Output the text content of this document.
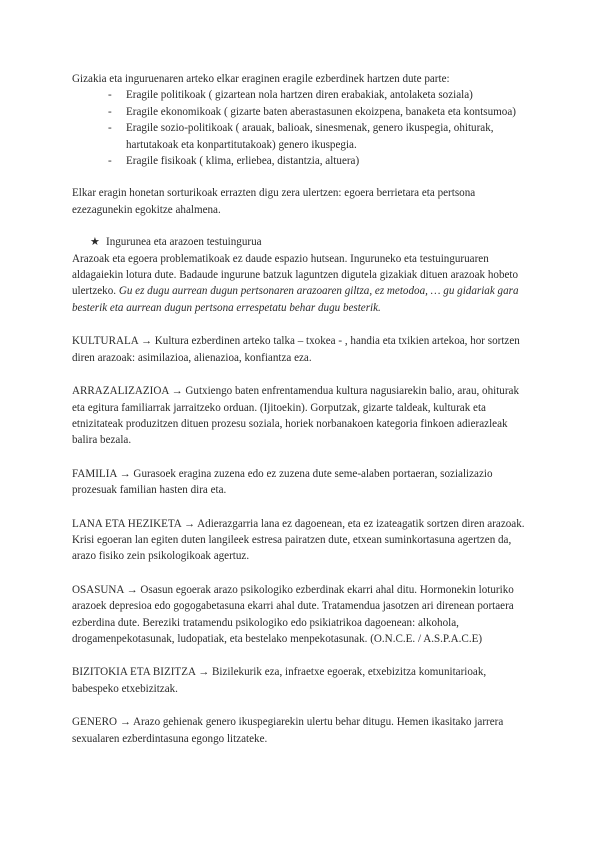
Gizakia eta inguruenaren arteko elkar eraginen eragile ezberdinek hartzen dute parte:

- Eragile politikoak ( gizartean nola hartzen diren erabakiak, antolaketa soziala)
- Eragile ekonomikoak ( gizarte baten aberastasunen ekoizpena, banaketa eta kontsumoa)
- Eragile sozio-politikoak ( arauak, balioak, sinesmenak, genero ikuspegia, ohiturak, hartutakoak eta konpartitutakoak) genero ikuspegia.
- Eragile fisikoak ( klima, erliebea, distantzia, altuera)

Elkar eragin honetan sorturikoak errazten digu zera ulertzen: egoera berrietara eta pertsona ezezagunekin egokitze ahalmena.

★ Ingurunea eta arazoen testuingurua

Arazoak eta egoera problematikoak ez daude espazio hutsean. Inguruneko eta testuinguruaren aldagaiekin lotura dute. Badaude ingurune batzuk laguntzen digutela gizakiak dituen arazoak hobeto ulertzeko. Gu ez dugu aurrean dugun pertsonaren arazoaren giltza, ez metodoa, … gu gidariak gara besterik eta aurrean dugun pertsona errespetatu behar dugu besterik.

KULTURALA → Kultura ezberdinen arteko talka – txokea - , handia eta txikien artekoa, hor sortzen diren arazoak: asimilazioa, alienazioa, konfiantza eza.

ARRAZALIZAZIOA → Gutxiengo baten enfrentamendua kultura nagusiarekin balio, arau, ohiturak eta egitura familiarrak jarraitzeko orduan. (Ijitoekin). Gorputzak, gizarte taldeak, kulturak eta etnizitateak produzitzen dituen prozesu soziala, horiek norbanakoen kategoria finkoen adierazleak balira bezala.

FAMILIA → Gurasoek eragina zuzena edo ez zuzena dute seme-alaben portaeran, sozializazio prozesuak familian hasten dira eta.

LANA ETA HEZIKETA → Adierazgarria lana ez dagoenean, eta ez izateagatik sortzen diren arazoak. Krisi egoeran lan egiten duten langileek estresa pairatzen dute, etxean suminkortasuna agertzen da, arazo fisiko zein psikologikoak agertuz.

OSASUNA → Osasun egoerak arazo psikologiko ezberdinak ekarri ahal ditu. Hormonekin loturiko arazoek depresioa edo gogogabetasuna ekarri ahal dute. Tratamendua jasotzen ari direnean portaera ezberdina dute. Bereziki tratamendu psikologiko edo psikiatrikoa dagoenean: alkohola, drogamenpekotasunak, ludopatiak, eta bestelako menpekotasunak. (O.N.C.E. / A.S.P.A.C.E)

BIZITOKIA ETA BIZITZA → Bizilekurik eza, infraetxe egoerak, etxebizitza komunitarioak, babespeko etxebizitzak.

GENERO → Arazo gehienak genero ikuspegiarekin ulertu behar ditugu. Hemen ikasitako jarrera sexualaren ezberdintasuna egongo litzateke.
